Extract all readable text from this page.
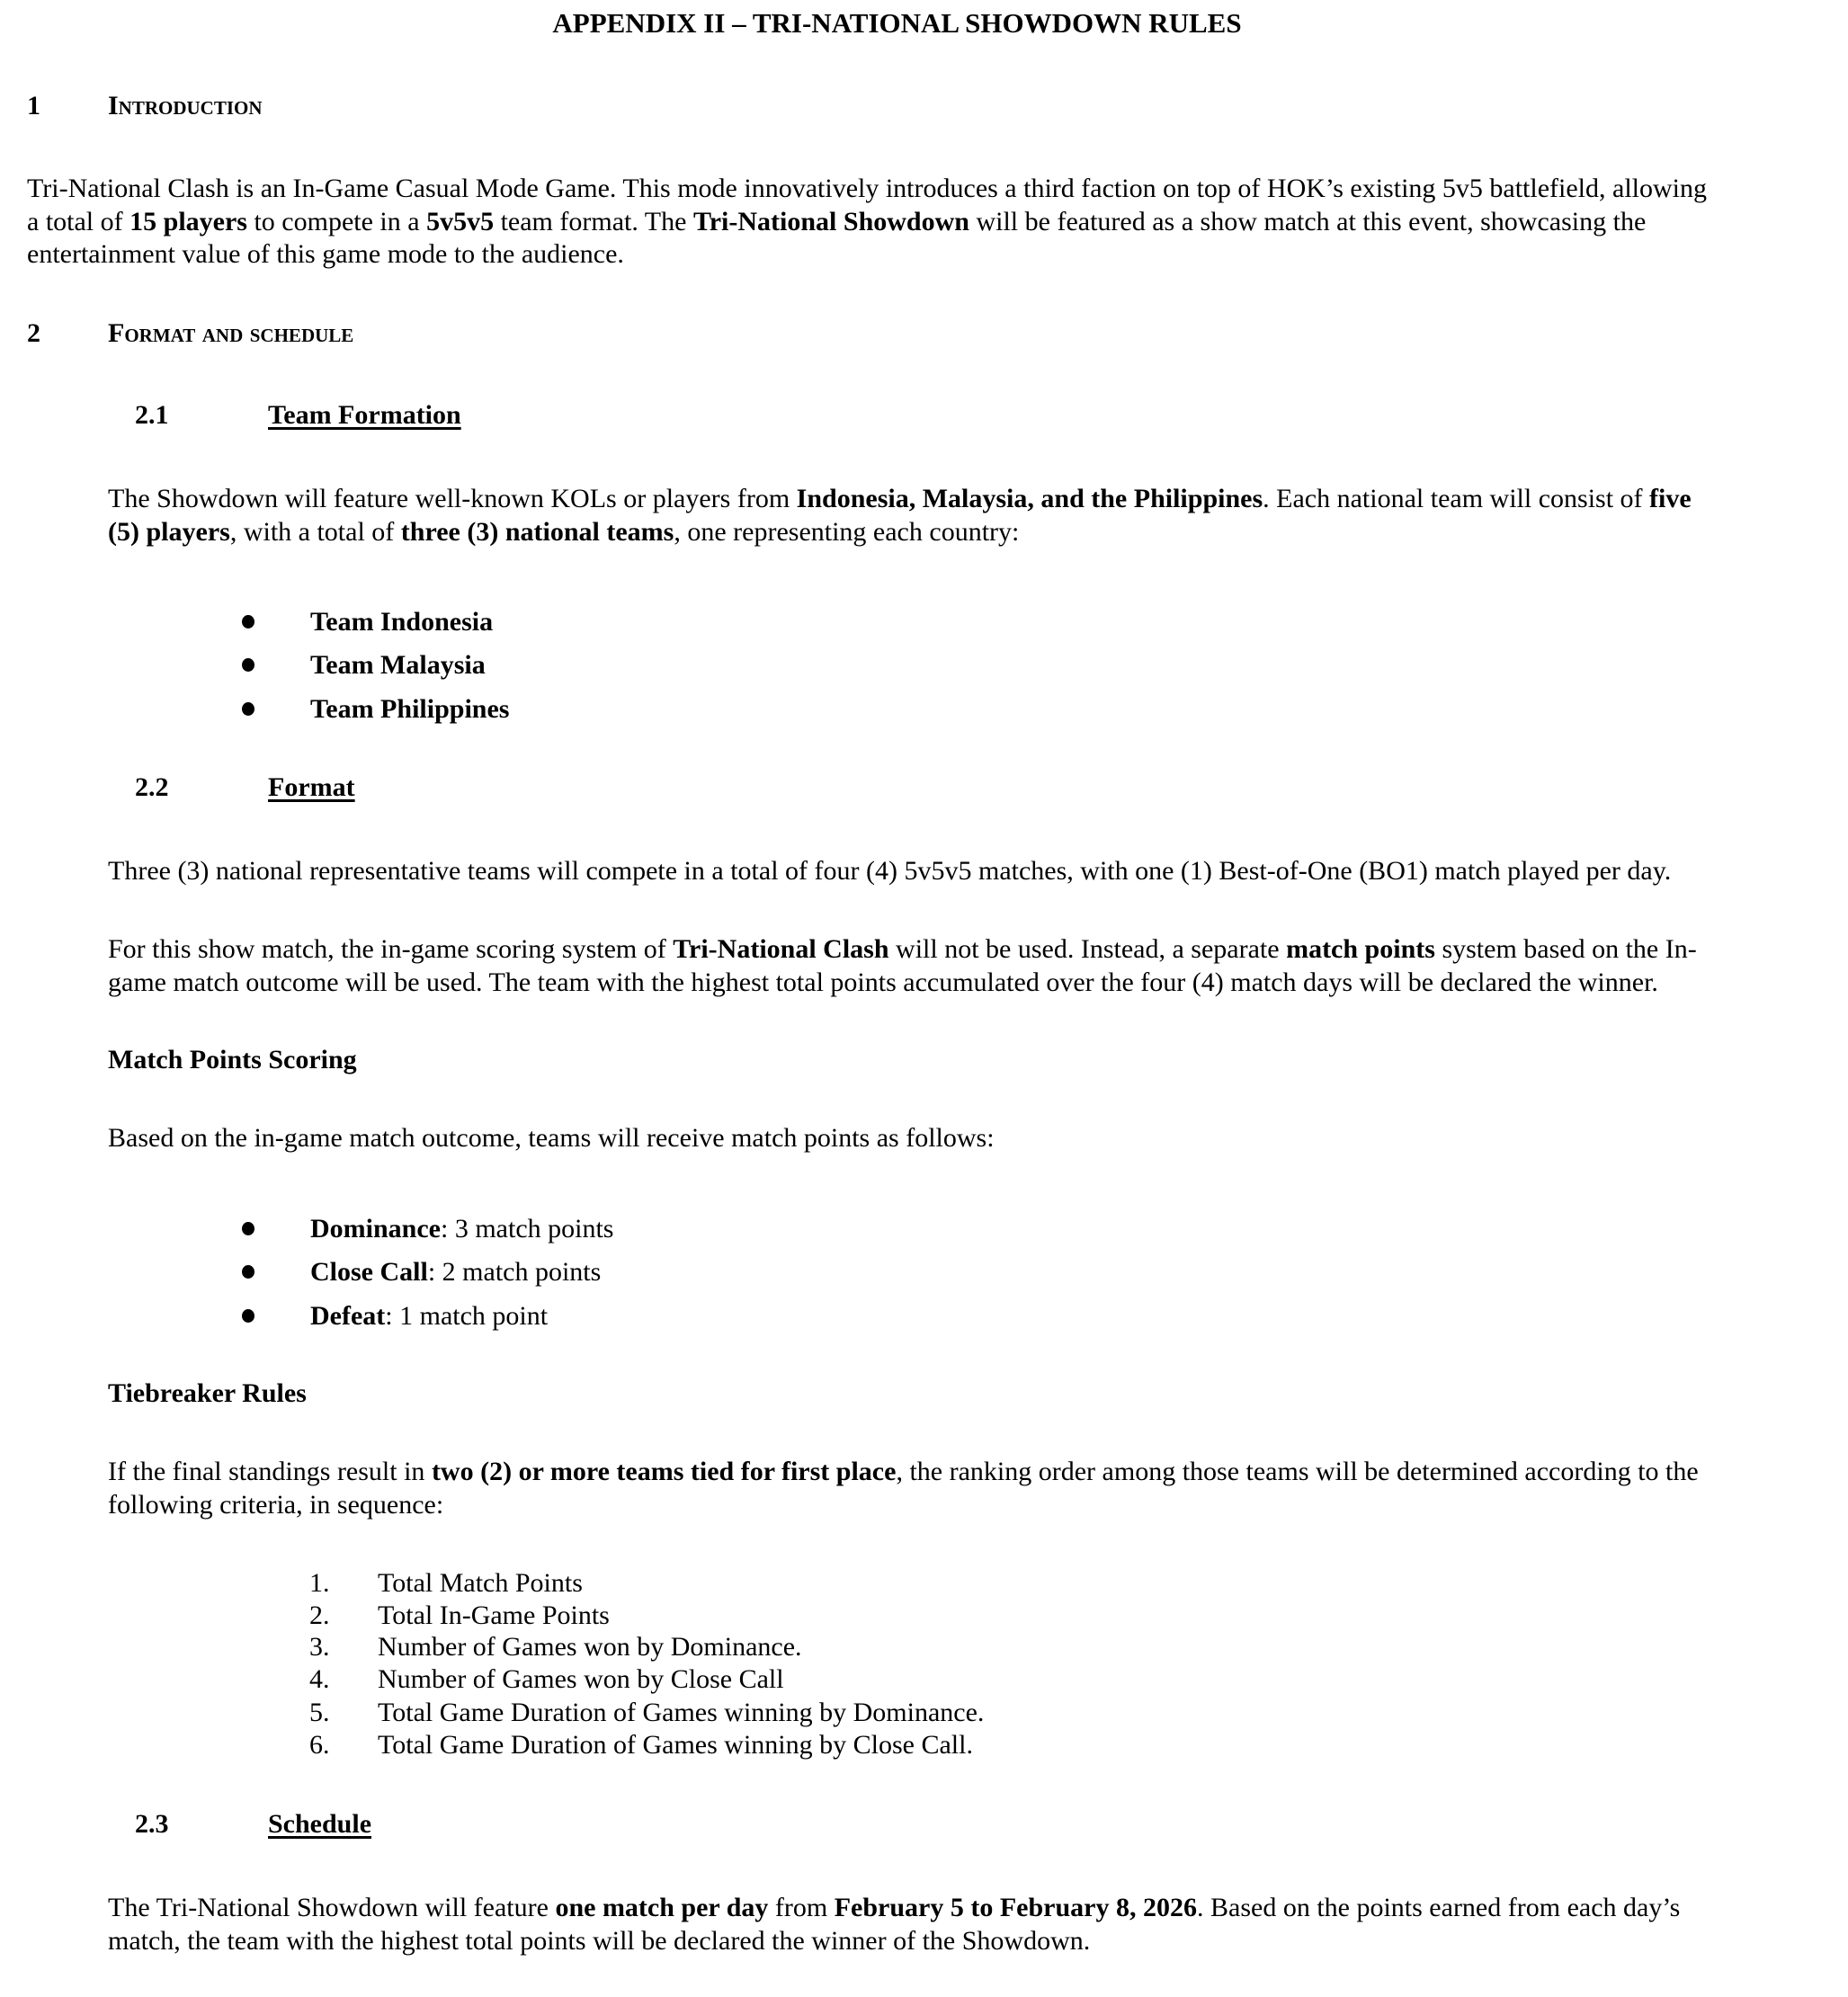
APPENDIX II – TRI-NATIONAL SHOWDOWN RULES
1	Introduction
Tri-National Clash is an In-Game Casual Mode Game. This mode innovatively introduces a third faction on top of HOK’s existing 5v5 battlefield, allowing
a total of 15 players to compete in a 5v5v5 team format. The Tri-National Showdown will be featured as a show match at this event, showcasing the
entertainment value of this game mode to the audience.
2	Format and schedule
2.1	Team Formation
The Showdown will feature well-known KOLs or players from Indonesia, Malaysia, and the Philippines. Each national team will consist of five
(5) players, with a total of three (3) national teams, one representing each country:
Team Indonesia
Team Malaysia
Team Philippines
2.2	Format
Three (3) national representative teams will compete in a total of four (4) 5v5v5 matches, with one (1) Best-of-One (BO1) match played per day.
For this show match, the in-game scoring system of Tri-National Clash will not be used. Instead, a separate match points system based on the In-
game match outcome will be used. The team with the highest total points accumulated over the four (4) match days will be declared the winner.
Match Points Scoring
Based on the in-game match outcome, teams will receive match points as follows:
Dominance: 3 match points
Close Call: 2 match points
Defeat: 1 match point
Tiebreaker Rules
If the final standings result in two (2) or more teams tied for first place, the ranking order among those teams will be determined according to the
following criteria, in sequence:
1. Total Match Points
2. Total In-Game Points
3. Number of Games won by Dominance.
4. Number of Games won by Close Call
5. Total Game Duration of Games winning by Dominance.
6. Total Game Duration of Games winning by Close Call.
2.3	Schedule
The Tri-National Showdown will feature one match per day from February 5 to February 8, 2026. Based on the points earned from each day’s
match, the team with the highest total points will be declared the winner of the Showdown.
